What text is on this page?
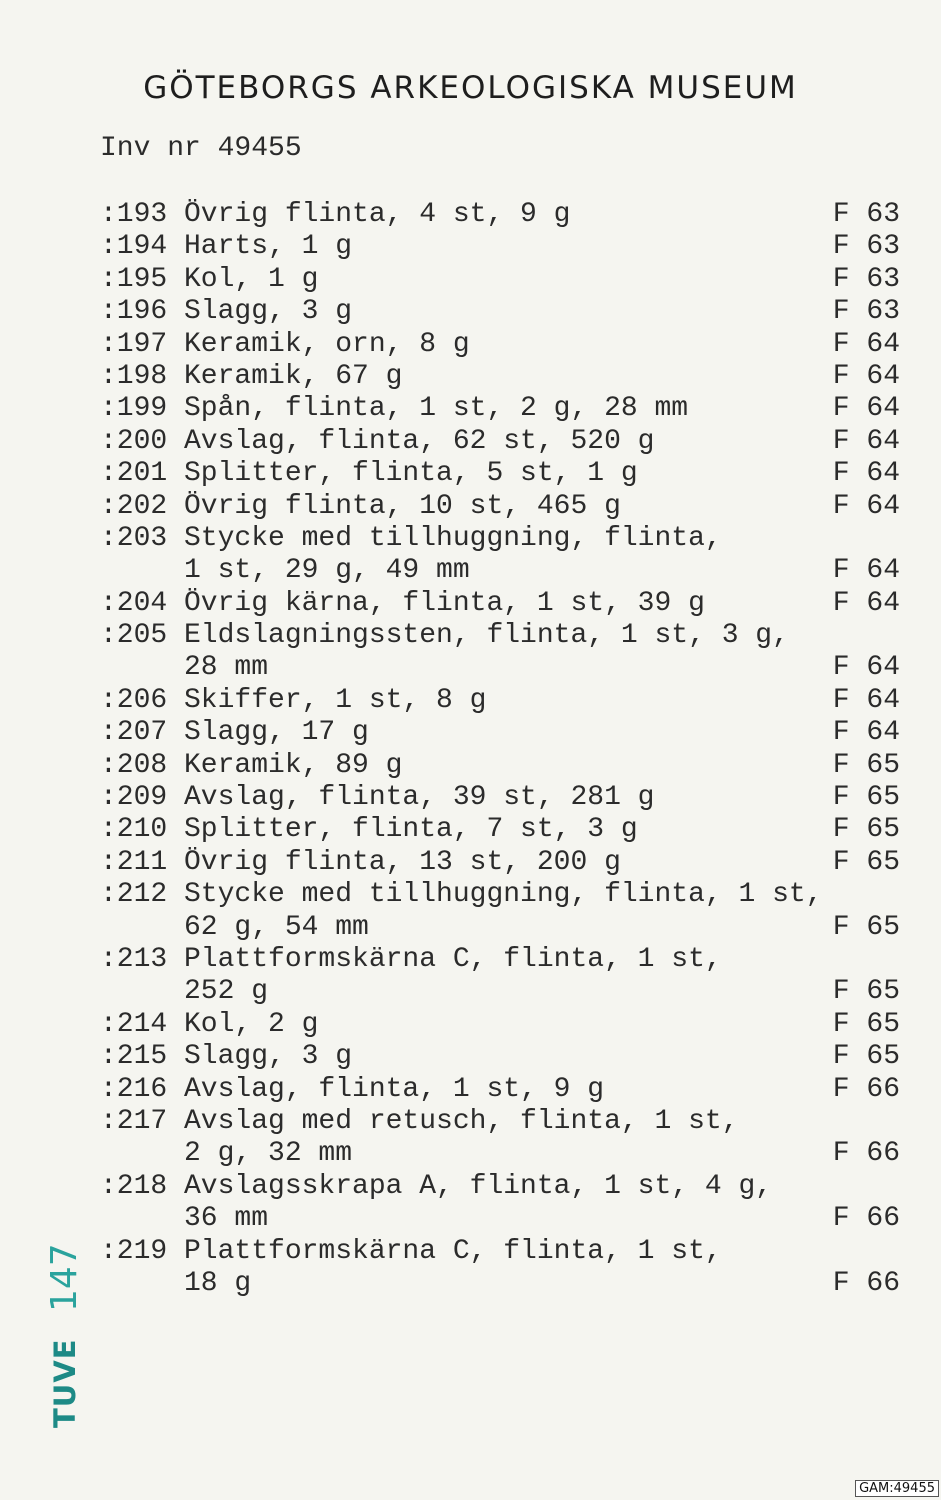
GÖTEBORGS ARKEOLOGISKA MUSEUM
Inv nr 49455
:193 Övrig flinta, 4 st, 9 g	F 63
:194 Harts, 1 g	F 63
:195 Kol, 1 g	F 63
:196 Slagg, 3 g	F 63
:197 Keramik, orn, 8 g	F 64
:198 Keramik, 67 g	F 64
:199 Spån, flinta, 1 st, 2 g, 28 mm	F 64
:200 Avslag, flinta, 62 st, 520 g	F 64
:201 Splitter, flinta, 5 st, 1 g	F 64
:202 Övrig flinta, 10 st, 465 g	F 64
:203 Stycke med tillhuggning, flinta,
1 st, 29 g, 49 mm	F 64
:204 Övrig kärna, flinta, 1 st, 39 g	F 64
:205 Eldslagningssten, flinta, 1 st, 3 g,
28 mm	F 64
:206 Skiffer, 1 st, 8 g	F 64
:207 Slagg, 17 g	F 64
:208 Keramik, 89 g	F 65
:209 Avslag, flinta, 39 st, 281 g	F 65
:210 Splitter, flinta, 7 st, 3 g	F 65
:211 Övrig flinta, 13 st, 200 g	F 65
:212 Stycke med tillhuggning, flinta, 1 st,
62 g, 54 mm	F 65
:213 Plattformskärna C, flinta, 1 st,
252 g	F 65
:214 Kol, 2 g	F 65
:215 Slagg, 3 g	F 65
:216 Avslag, flinta, 1 st, 9 g	F 66
:217 Avslag med retusch, flinta, 1 st,
2 g, 32 mm	F 66
:218 Avslagsskrapa A, flinta, 1 st, 4 g,
36 mm	F 66
:219 Plattformskärna C, flinta, 1 st,
18 g	F 66
TUVE
147
GAM:49455
